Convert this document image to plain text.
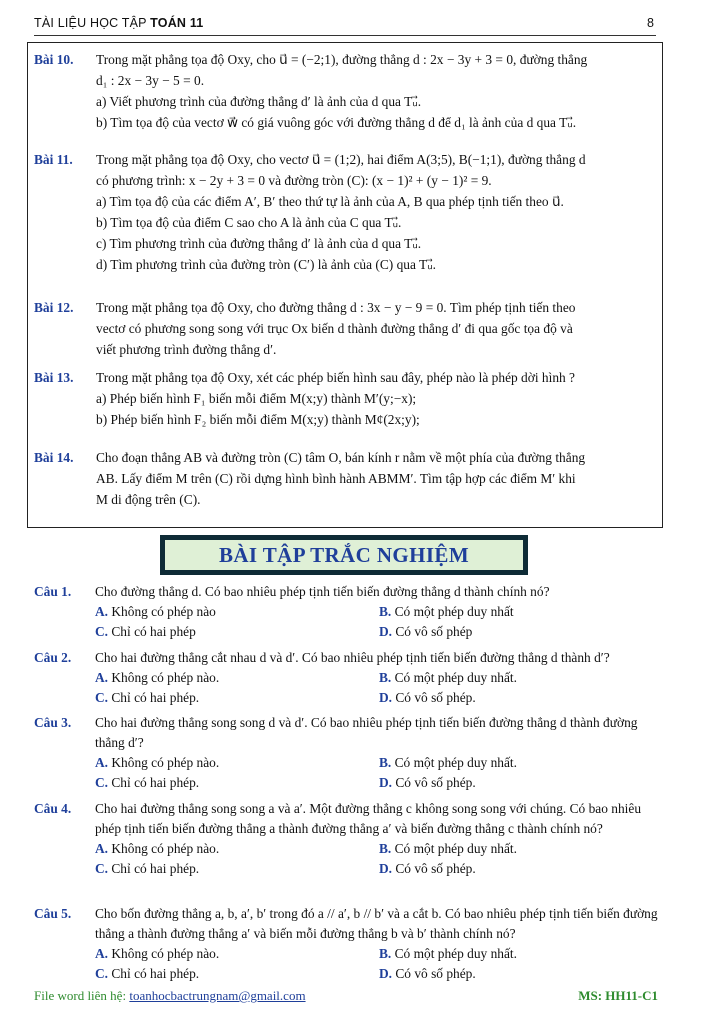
TÀI LIỆU HỌC TẬP TOÁN 11	8
Bài 10.	Trong mặt phẳng tọa độ Oxy, cho u⃗ = (−2;1), đường thẳng d : 2x − 3y + 3 = 0, đường thẳng
d₁ : 2x − 3y − 5 = 0.
a) Viết phương trình của đường thẳng d′ là ảnh của d qua Tᵤ⃗.
b) Tìm tọa độ của vectơ w⃗ có giá vuông góc với đường thẳng d để d₁ là ảnh của d qua Tᵤ⃗.
Bài 11.	Trong mặt phẳng tọa độ Oxy, cho vectơ u⃗ = (1;2), hai điểm A(3;5), B(−1;1), đường thẳng d
có phương trình: x − 2y + 3 = 0 và đường tròn (C): (x − 1)² + (y − 1)² = 9.
a) Tìm tọa độ của các điểm A′, B′ theo thứ tự là ảnh của A, B qua phép tịnh tiến theo u⃗.
b) Tìm tọa độ của điểm C sao cho A là ảnh của C qua Tᵤ⃗.
c) Tìm phương trình của đường thẳng d′ là ảnh của d qua Tᵤ⃗.
d) Tìm phương trình của đường tròn (C′) là ảnh của (C) qua Tᵤ⃗.
Bài 12.	Trong mặt phẳng tọa độ Oxy, cho đường thẳng d : 3x − y − 9 = 0. Tìm phép tịnh tiến theo
vectơ có phương song song với trục Ox biến d thành đường thẳng d′ đi qua gốc tọa độ và
viết phương trình đường thẳng d′.
Bài 13.	Trong mặt phẳng tọa độ Oxy, xét các phép biến hình sau đây, phép nào là phép dời hình ?
a) Phép biến hình F₁ biến mỗi điểm M(x;y) thành M′(y;−x);
b) Phép biến hình F₂ biến mỗi điểm M(x;y) thành M¢(2x;y);
Bài 14.	Cho đoạn thẳng AB và đường tròn (C) tâm O, bán kính r nằm về một phía của đường thẳng
AB. Lấy điểm M trên (C) rồi dựng hình bình hành ABMM′. Tìm tập hợp các điểm M′ khi
M di động trên (C).
BÀI TẬP TRẮC NGHIỆM
Câu 1. Cho đường thẳng d. Có bao nhiêu phép tịnh tiến biến đường thẳng d thành chính nó?
A. Không có phép nào	B. Có một phép duy nhất
C. Chỉ có hai phép	D. Có vô số phép
Câu 2. Cho hai đường thẳng cắt nhau d và d′. Có bao nhiêu phép tịnh tiến biến đường thẳng d thành d′?
A. Không có phép nào.	B. Có một phép duy nhất.
C. Chỉ có hai phép.	D. Có vô số phép.
Câu 3. Cho hai đường thẳng song song d và d′. Có bao nhiêu phép tịnh tiến biến đường thẳng d thành đường thẳng d′?
A. Không có phép nào.	B. Có một phép duy nhất.
C. Chỉ có hai phép.	D. Có vô số phép.
Câu 4. Cho hai đường thẳng song song a và a′. Một đường thẳng c không song song với chúng. Có bao nhiêu phép tịnh tiến biến đường thẳng a thành đường thẳng a′ và biến đường thẳng c thành chính nó?
A. Không có phép nào.	B. Có một phép duy nhất.
C. Chỉ có hai phép.	D. Có vô số phép.
Câu 5. Cho bốn đường thẳng a, b, a′, b′ trong đó a // a′, b // b′ và a cắt b. Có bao nhiêu phép tịnh tiến biến đường thẳng a thành đường thẳng a′ và biến mỗi đường thẳng b và b′ thành chính nó?
A. Không có phép nào.	B. Có một phép duy nhất.
C. Chỉ có hai phép.	D. Có vô số phép.
File word liên hệ: toanhocbactrungnam@gmail.com	MS: HH11-C1
